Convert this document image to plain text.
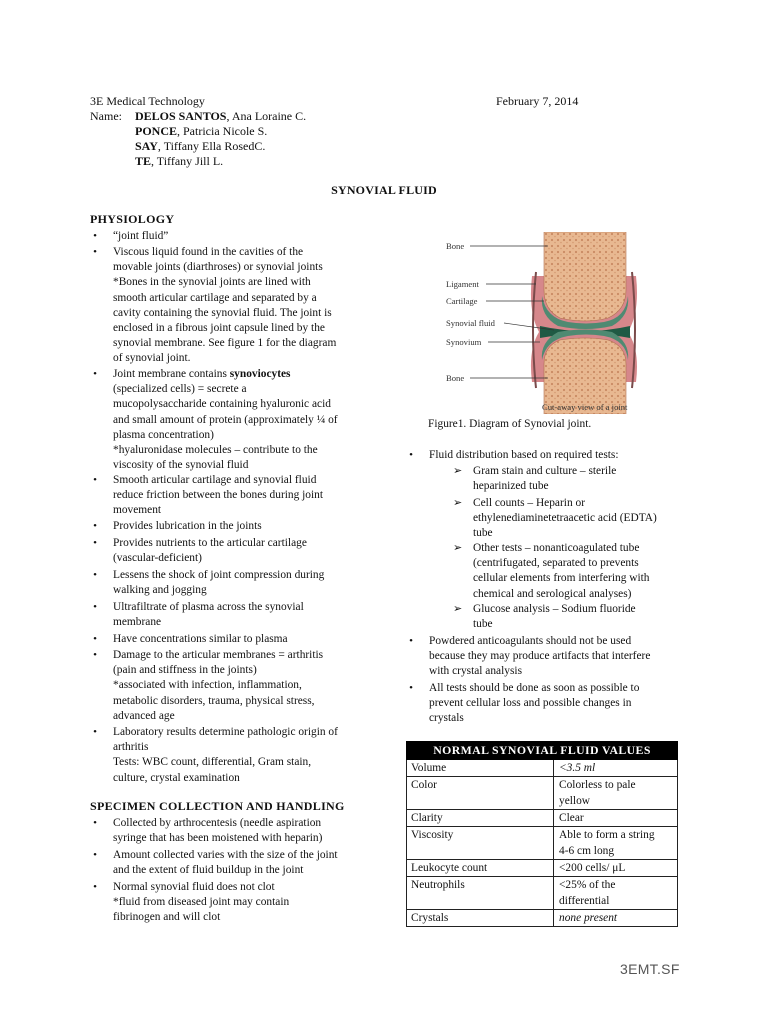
3E Medical Technology	February 7, 2014
Name: DELOS SANTOS, Ana Loraine C.
PONCE, Patricia Nicole S.
SAY, Tiffany Ella RosedC.
TE, Tiffany Jill L.
SYNOVIAL FLUID
PHYSIOLOGY
• “joint fluid”
• Viscous liquid found in the cavities of the
movable joints (diarthroses) or synovial joints
*Bones in the synovial joints are lined with
smooth articular cartilage and separated by a
cavity containing the synovial fluid. The joint is
enclosed in a fibrous joint capsule lined by the
synovial membrane. See figure 1 for the diagram
of synovial joint.
• Joint membrane contains synoviocytes
(specialized cells) = secrete a
mucopolysaccharide containing hyaluronic acid
and small amount of protein (approximately ¼ of
plasma concentration)
*hyaluronidase molecules – contribute to the
viscosity of the synovial fluid
• Smooth articular cartilage and synovial fluid
reduce friction between the bones during joint
movement
• Provides lubrication in the joints
• Provides nutrients to the articular cartilage
(vascular-deficient)
• Lessens the shock of joint compression during
walking and jogging
• Ultrafiltrate of plasma across the synovial
membrane
• Have concentrations similar to plasma
• Damage to the articular membranes = arthritis
(pain and stiffness in the joints)
*associated with infection, inflammation,
metabolic disorders, trauma, physical stress,
advanced age
• Laboratory results determine pathologic origin of
arthritis
Tests: WBC count, differential, Gram stain,
culture, crystal examination
SPECIMEN COLLECTION AND HANDLING
• Collected by arthrocentesis (needle aspiration
syringe that has been moistened with heparin)
• Amount collected varies with the size of the joint
and the extent of fluid buildup in the joint
• Normal synovial fluid does not clot
*fluid from diseased joint may contain
fibrinogen and will clot
Bone
Ligament
Cartilage
Synovial fluid
Synovium
Bone
Cut-away view of a joint
Figure1. Diagram of Synovial joint.
• Fluid distribution based on required tests:
➢ Gram stain and culture – sterile
heparinized tube
➢ Cell counts – Heparin or
ethylenediaminetetraacetic acid (EDTA)
tube
➢ Other tests – nonanticoagulated tube
(centrifugated, separated to prevents
cellular elements from interfering with
chemical and serological analyses)
➢ Glucose analysis – Sodium fluoride
tube
• Powdered anticoagulants should not be used
because they may produce artifacts that interfere
with crystal analysis
• All tests should be done as soon as possible to
prevent cellular loss and possible changes in
crystals
NORMAL SYNOVIAL FLUID VALUES	
Volume	<3.5 ml

Color	Colorless to pale
yellow

Clarity	Clear

Viscosity	Able to form a string
4-6 cm long

Leukocyte count	<200 cells/ μL

Neutrophils	<25% of the
differential

Crystals	none present
3EMT.SF
